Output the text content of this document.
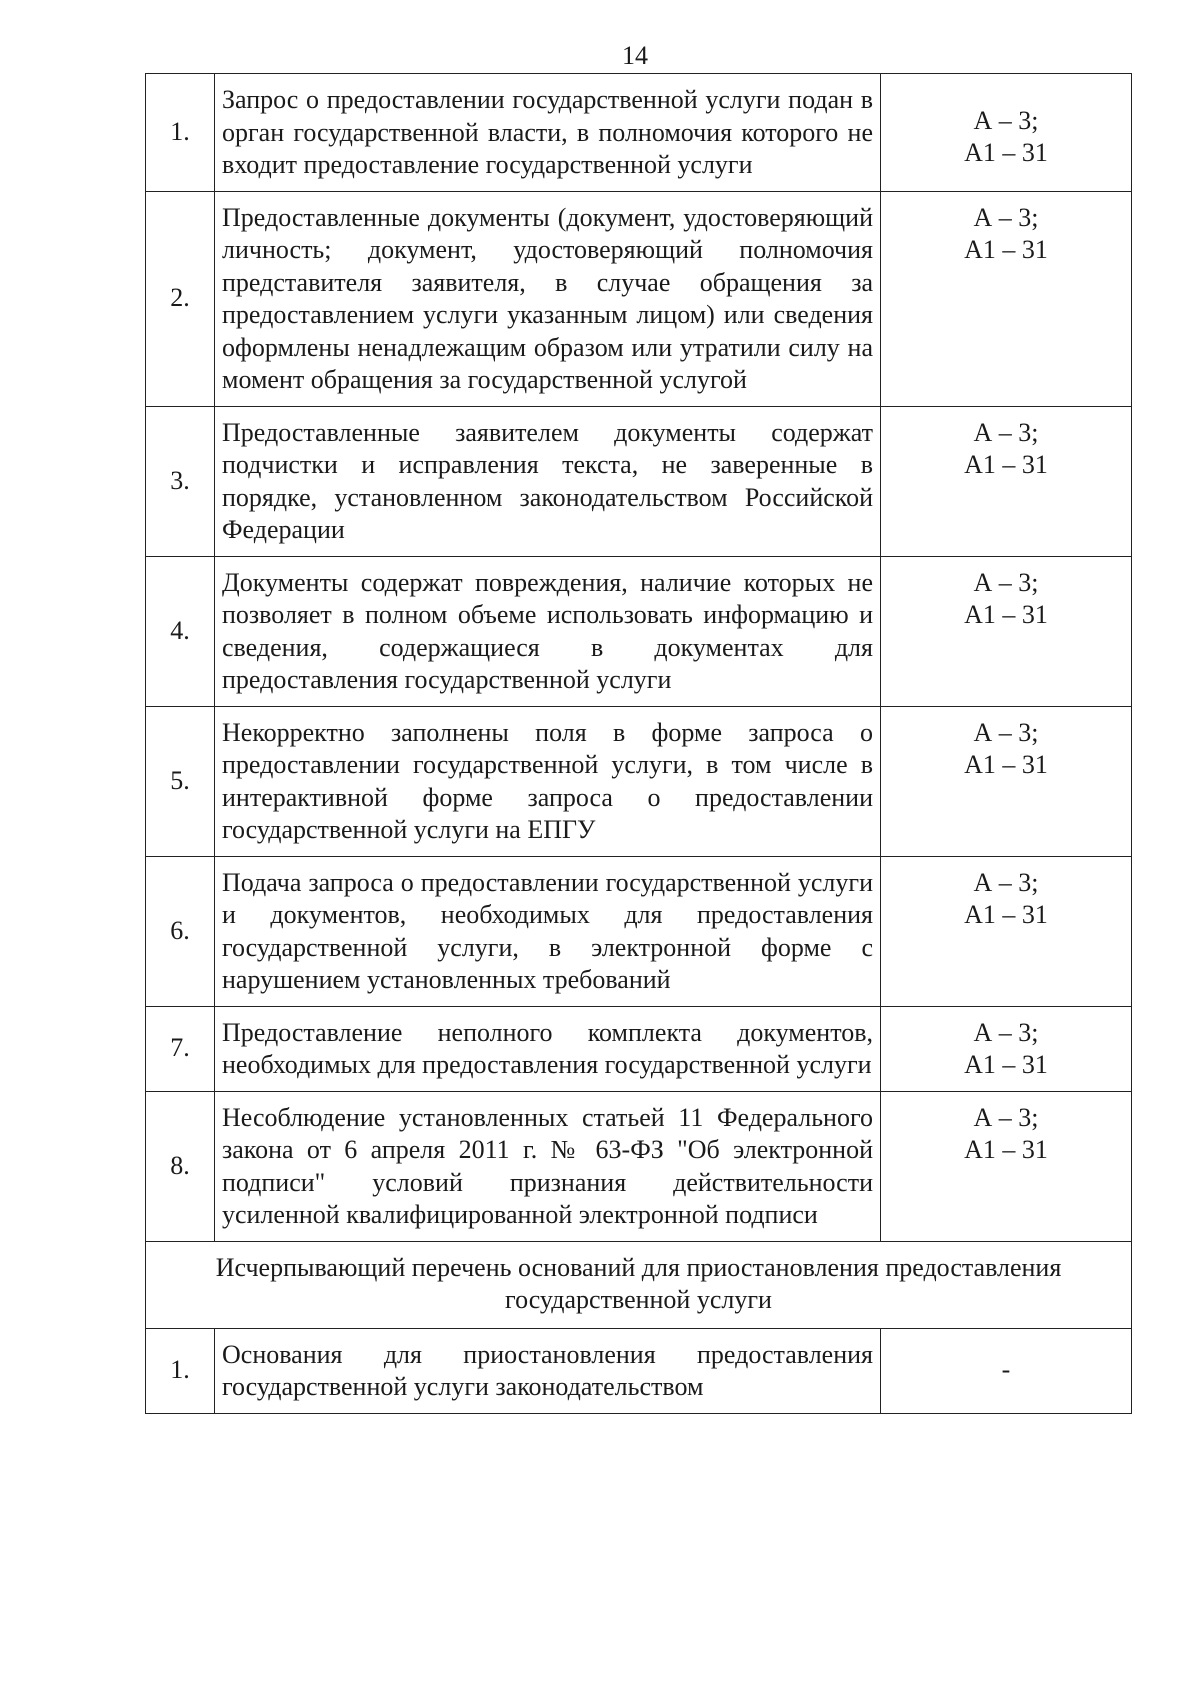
14
1.	Запрос о предоставлении государственной услуги подан в орган государственной власти, в полномочия которого не входит предоставление государственной услуги	А – 3;
А1 – 31

2.	Предоставленные документы (документ, удостоверяющий личность; документ, удостоверяющий полномочия представителя заявителя, в случае обращения за предоставлением услуги указанным лицом) или сведения оформлены ненадлежащим образом или утратили силу на момент обращения за государственной услугой	А – 3;
А1 – 31

3.	Предоставленные заявителем документы содержат подчистки и исправления текста, не заверенные в порядке, установленном законодательством Российской Федерации	А – 3;
А1 – 31

4.	Документы содержат повреждения, наличие которых не позволяет в полном объеме использовать информацию и сведения, содержащиеся в документах для предоставления государственной услуги	А – 3;
А1 – 31

5.	Некорректно заполнены поля в форме запроса о предоставлении государственной услуги, в том числе в интерактивной форме запроса о предоставлении государственной услуги на ЕПГУ	А – 3;
А1 – 31

6.	Подача запроса о предоставлении государственной услуги и документов, необходимых для предоставления государственной услуги, в электронной форме с нарушением установленных требований	А – 3;
А1 – 31

7.	Предоставление неполного комплекта документов, необходимых для предоставления государственной услуги	А – 3;
А1 – 31

8.	Несоблюдение установленных статьей 11 Федерального закона от 6 апреля 2011 г. № 63-ФЗ "Об электронной подписи" условий признания действительности усиленной квалифицированной электронной подписи	А – 3;
А1 – 31

Исчерпывающий перечень оснований для приостановления предоставления государственной услуги		
1.	Основания для приостановления предоставления государственной услуги законодательством	-
